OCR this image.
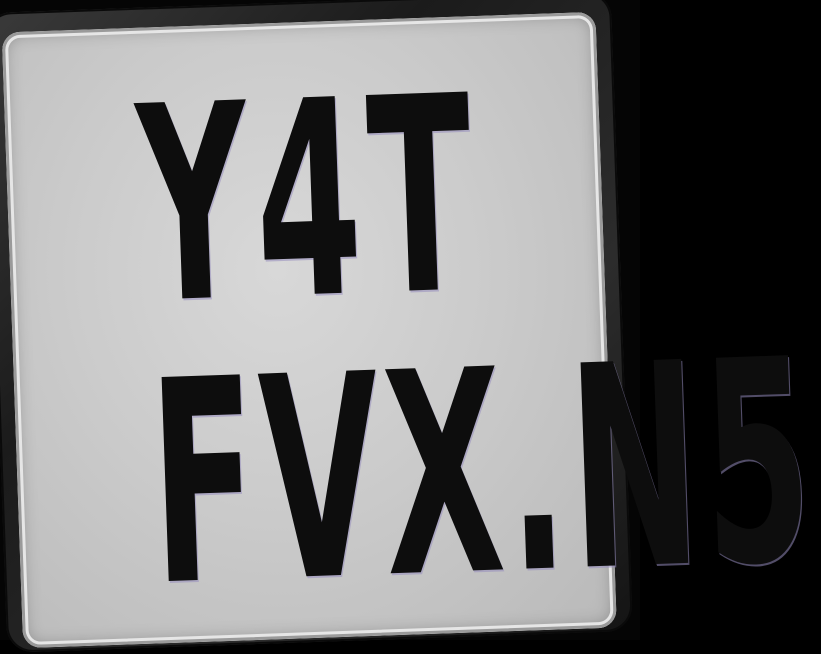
Y4T
FVX.N5
